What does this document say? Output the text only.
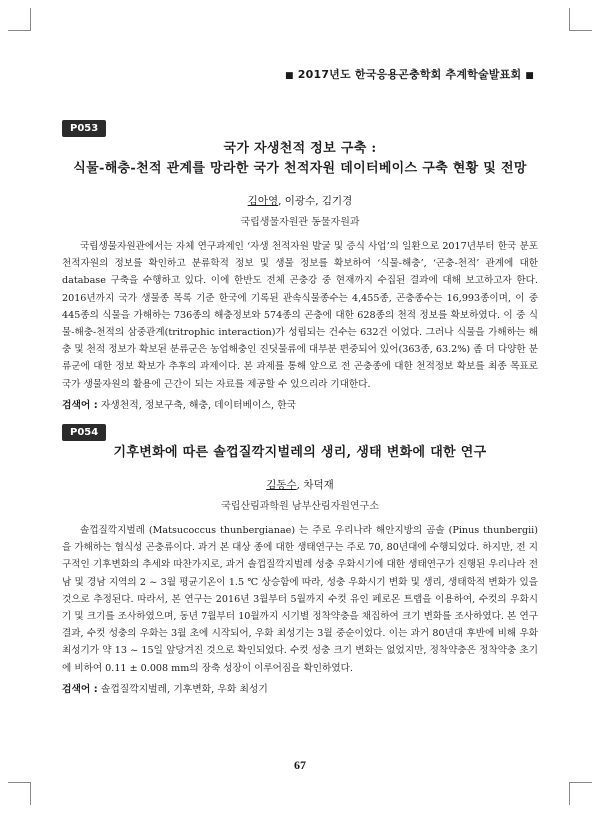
■ 2017년도 한국응용곤충학회 추계학술발표회 ■
P053
국가 자생천적 정보 구축 :
식물-해충-천적 관계를 망라한 국가 천적자원 데이터베이스 구축 현황 및 전망
김아영, 이광수, 김기경
국립생물자원관 동물자원과
국립생물자원관에서는 자체 연구과제인 ‘자생 천적자원 발굴 및 증식 사업’의 일환으로 2017년부터 한국 분포 천적자원의 정보를 확인하고 분류학적 정보 및 생물 정보를 확보하여 ‘식물-해충’, ‘곤충-천적’ 관계에 대한 database 구축을 수행하고 있다. 이에 한반도 전체 곤충강 중 현재까지 수집된 결과에 대해 보고하고자 한다. 2016년까지 국가 생물종 목록 기준 한국에 기록된 관속식물종수는 4,455종, 곤충종수는 16,993종이며, 이 중 445종의 식물을 가해하는 736종의 해충정보와 574종의 곤충에 대한 628종의 천적 정보를 확보하였다. 이 중 식물-해충-천적의 삼중관계(tritrophic interaction)가 성립되는 건수는 632건 이었다. 그러나 식물을 가해하는 해충 및 천적 정보가 확보된 분류군은 농업해충인 진딧물류에 대부분 편중되어 있어(363종, 63.2%) 좀 더 다양한 분류군에 대한 정보 확보가 추후의 과제이다. 본 과제를 통해 앞으로 전 곤충종에 대한 천적정보 확보를 최종 목표로 국가 생물자원의 활용에 근간이 되는 자료를 제공할 수 있으리라 기대한다.
검색어 : 자생천적, 정보구축, 해충, 데이터베이스, 한국
P054
기후변화에 따른 솔껍질깍지벌레의 생리, 생태 변화에 대한 연구
김동수, 차덕재
국립산림과학원 남부산림자원연구소
솔껍질깍지벌레 (Matsucoccus thunbergianae) 는 주로 우리나라 해안지방의 곰솔 (Pinus thunbergii) 을 가해하는 협식성 곤충류이다. 과거 본 대상 종에 대한 생태연구는 주로 70, 80년대에 수행되었다. 하지만, 전 지구적인 기후변화의 추세와 따찬가지로, 과거 솔껍질깍지벌레 성충 우화시기에 대한 생태연구가 진행된 우리나라 전남 및 경남 지역의 2 ~ 3월 평균기온이 1.5 ℃ 상승함에 따라, 성충 우화시기 변화 및 생리, 생태학적 변화가 있을 것으로 추정된다. 따라서, 본 연구는 2016년 3월부터 5월까지 수컷 유인 페로몬 트랩을 이용하여, 수컷의 우화시기 및 크기를 조사하였으며, 동년 7월부터 10월까지 시기별 정착약충을 채집하여 크기 변화를 조사하였다. 본 연구 결과, 수컷 성충의 우화는 3월 초에 시작되어, 우화 최성기는 3월 중순이었다. 이는 과거 80년대 후반에 비해 우화 최성기가 약 13 ~ 15일 앞당겨진 것으로 확인되었다. 수컷 성충 크기 변화는 없었지만, 정착약충은 정착약충 초기에 비하여 0.11 ± 0.008 mm의 장축 성장이 이루어짐을 확인하였다.
검색어 : 솔껍질깍지벌레, 기후변화, 우화 최성기
67
